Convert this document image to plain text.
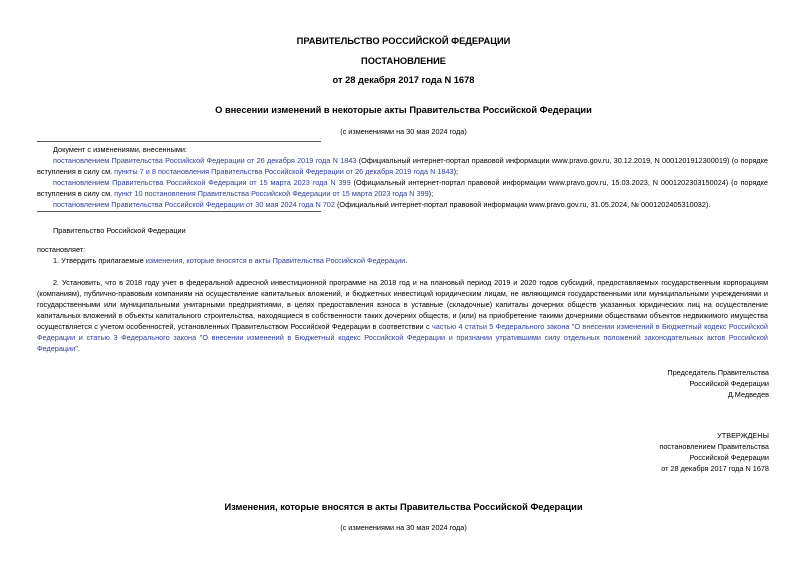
ПРАВИТЕЛЬСТВО РОССИЙСКОЙ ФЕДЕРАЦИИ
ПОСТАНОВЛЕНИЕ
от 28 декабря 2017 года N 1678
О внесении изменений в некоторые акты Правительства Российской Федерации
(с изменениями на 30 мая 2024 года)

Документ с изменениями, внесенными:

постановлением Правительства Российской Федерации от 26 декабря 2019 года N 1843 (Официальный интернет-портал правовой информации www.pravo.gov.ru, 30.12.2019, N 0001201912300019) (о порядке вступления в силу см. пункты 7 и 8 постановления Правительства Российской Федерации от 26 декабря 2019 года N 1843);

постановлением Правительства Российской Федерации от 15 марта 2023 года N 399 (Официальный интернет-портал правовой информации www.pravo.gov.ru, 15.03.2023, N 0001202303150024) (о порядке вступления в силу см. пункт 10 постановления Правительства Российской Федерации от 15 марта 2023 года N 399);

постановлением Правительства Российской Федерации от 30 мая 2024 года N 702 (Официальный интернет-портал правовой информации www.pravo.gov.ru, 31.05.2024, № 0001202405310032).

Правительство Российской Федерации
постановляет:

1. Утвердить прилагаемые изменения, которые вносятся в акты Правительства Российской Федерации.

2. Установить, что в 2018 году учет в федеральной адресной инвестиционной программе на 2018 год и на плановый период 2019 и 2020 годов субсидий, предоставляемых государственным корпорациям (компаниям), публично-правовым компаниям на осуществление капитальных вложений, и бюджетных инвестиций юридическим лицам, не являющимся государственными или муниципальными учреждениями и государственными или муниципальными унитарными предприятиями, в целях предоставления взноса в уставные (складочные) капиталы дочерних обществ указанных юридических лиц на осуществление капитальных вложений в объекты капитального строительства, находящиеся в собственности таких дочерних обществ, и (или) на приобретение такими дочерними обществами объектов недвижимого имущества осуществляется с учетом особенностей, установленных Правительством Российской Федерации в соответствии с частью 4 статьи 5 Федерального закона "О внесении изменений в Бюджетный кодекс Российской Федерации и статью 3 Федерального закона "О внесении изменений в Бюджетный кодекс Российской Федерации и признании утратившими силу отдельных положений законодательных актов Российской Федерации".

Председатель Правительства
Российской Федерации
Д.Медведев
УТВЕРЖДЕНЫ
постановлением Правительства
Российской Федерации
от 28 декабря 2017 года N 1678
Изменения, которые вносятся в акты Правительства Российской Федерации
(с изменениями на 30 мая 2024 года)
